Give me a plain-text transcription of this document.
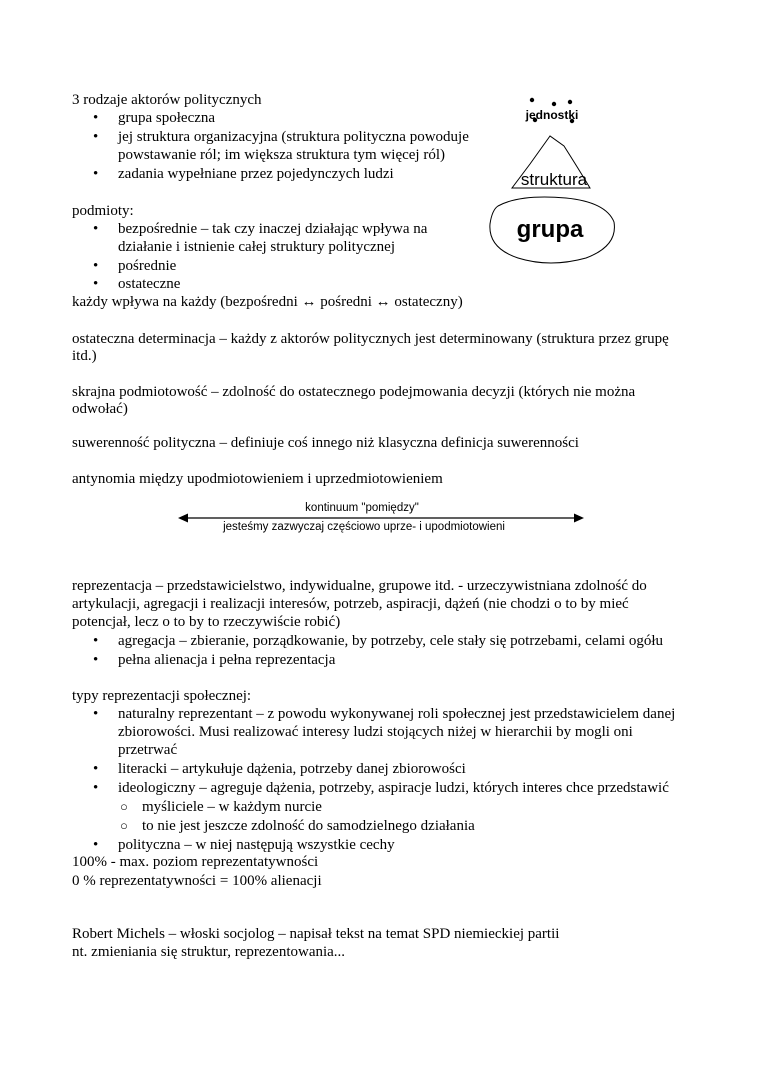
3 rodzaje aktorów politycznych
•
grupa społeczna
•
jej struktura organizacyjna (struktura polityczna powoduje
powstawanie ról; im większa struktura tym więcej ról)
•
zadania wypełniane przez pojedynczych ludzi
jednostki
struktura
grupa
podmioty:
•
bezpośrednie – tak czy inaczej działając wpływa na
działanie i istnienie całej struktury politycznej
•
pośrednie
•
ostateczne
każdy wpływa na każdy (bezpośredni ↔ pośredni ↔ ostateczny)
ostateczna determinacja – każdy z aktorów politycznych jest determinowany (struktura przez grupę
itd.)
skrajna podmiotowość – zdolność do ostatecznego podejmowania decyzji (których nie można
odwołać)
suwerenność polityczna – definiuje coś innego niż klasyczna definicja suwerenności
antynomia między upodmiotowieniem i uprzedmiotowieniem
kontinuum "pomiędzy"
jesteśmy zazwyczaj częściowo uprze- i upodmiotowieni
reprezentacja – przedstawicielstwo, indywidualne, grupowe itd. - urzeczywistniana zdolność do
artykulacji, agregacji i realizacji interesów, potrzeb, aspiracji, dążeń (nie chodzi o to by mieć
potencjał, lecz o to by to rzeczywiście robić)
•
agregacja – zbieranie, porządkowanie, by potrzeby, cele stały się potrzebami, celami ogółu
•
pełna alienacja i pełna reprezentacja
typy reprezentacji społecznej:
•
naturalny reprezentant – z powodu wykonywanej roli społecznej jest przedstawicielem danej
zbiorowości. Musi realizować interesy ludzi stojących niżej w hierarchii by mogli oni
przetrwać
•
literacki – artykułuje dążenia, potrzeby danej zbiorowości
•
ideologiczny – agreguje dążenia, potrzeby, aspiracje ludzi, których interes chce przedstawić
○
myśliciele – w każdym nurcie
○
to nie jest jeszcze zdolność do samodzielnego działania
•
polityczna – w niej następują wszystkie cechy
100% - max. poziom reprezentatywności
0 % reprezentatywności = 100% alienacji
Robert Michels – włoski socjolog – napisał tekst na temat SPD niemieckiej partii
nt. zmieniania się struktur, reprezentowania...
